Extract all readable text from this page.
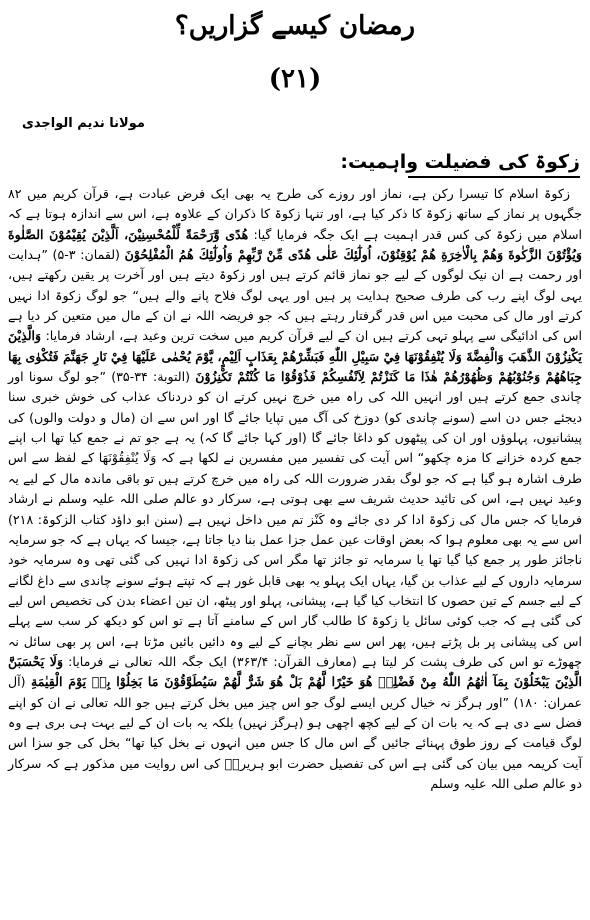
رمضان کیسے گزاریں؟
(۲۱)
مولانا ندیم الواجدی
زکوۃ کی فضیلت واہمیت:

زکوۃ اسلام کا تیسرا رکن ہے، نماز اور روزے کی طرح یہ بھی ایک فرض عبادت ہے، قرآن کریم میں ۸۲ جگہوں پر نماز کے ساتھ زکوۃ کا ذکر کیا ہے، اور تنہا زکوۃ کا ذکران کے علاوہ ہے، اس سے اندازہ ہوتا ہے کہ اسلام میں زکوۃ کی کس قدر اہمیت ہے ایک جگہ فرمایا گیا: هُدًى وَّرَحْمَةً لِّلْمُحْسِنِيْنَ، اَلَّذِيْنَ يُقِيْمُوْنَ الصَّلٰوةَ وَيُؤْتُوْنَ الزَّكٰوةَ وَهُمْ بِالْاٰخِرَةِ هُمْ يُوْقِنُوْنَ، اُولٰٓئِكَ عَلٰى هُدًى مِّنْ رَّبِّهِمْ وَاُولٰٓئِكَ هُمُ الْمُفْلِحُوْنَ (لقمان: ۳-۵) ”ہدایت اور رحمت ہے ان نیک لوگوں کے لیے جو نماز قائم کرتے ہیں اور زکوۃ دیتے ہیں اور آخرت پر یقین رکھتے ہیں، یہی لوگ اپنے رب کی طرف صحیح ہدایت پر ہیں اور یہی لوگ فلاح پانے والے ہیں“ جو لوگ زکوۃ ادا نہیں کرتے اور مال کی محبت میں اس قدر گرفتار رہتے ہیں کہ جو فریضہ اللہ نے ان کے مال میں متعین کر دیا ہے اس کی ادائیگی سے پہلو تہی کرتے ہیں ان کے لیے قرآن کریم میں سخت ترین وعید ہے، ارشاد فرمایا: وَالَّذِيْنَ يَكْنِزُوْنَ الذَّهَبَ وَالْفِضَّةَ وَلَا يُنْفِقُوْنَهَا فِيْ سَبِيْلِ اللّٰهِ فَبَشِّرْهُمْ بِعَذَابٍ اَلِيْمٍ، يَّوْمَ يُحْمٰى عَلَيْهَا فِيْ نَارِ جَهَنَّمَ فَتُكْوٰى بِهَا جِبَاهُهُمْ وَجُنُوْبُهُمْ وَظُهُوْرُهُمْ هٰذَا مَا كَنَزْتُمْ لِاَنْفُسِكُمْ فَذُوْقُوْا مَا كُنْتُمْ تَكْنِزُوْنَ (التوبة: ۳۴-۳۵) ”جو لوگ سونا اور چاندی جمع کرتے ہیں اور انہیں اللہ کی راہ میں خرچ نہیں کرتے ان کو دردناک عذاب کی خوش خبری سنا دیجئے جس دن اسے (سونے چاندی کو) دوزخ کی آگ میں تپایا جائے گا اور اس سے ان (مال و دولت والوں) کی پیشانیوں، پہلوؤں اور ان کی پیٹھوں کو داغا جائے گا (اور کہا جائے گا کہ) یہ ہے جو تم نے جمع کیا تھا اب اپنے جمع کردہ خزانے کا مزہ چکھو“ اس آیت کی تفسیر میں مفسرین نے لکھا ہے کہ وَلَا يُنْفِقُوْنَهَا کے لفظ سے اس طرف اشارہ ہو گیا ہے کہ جو لوگ بقدر ضرورت اللہ کی راہ میں خرچ کرتے ہیں تو باقی ماندہ مال کے لیے یہ وعید نہیں ہے، اس کی تائید حدیث شریف سے بھی ہوتی ہے، سرکار دو عالم صلی اللہ علیہ وسلم نے ارشاد فرمایا کہ جس مال کی زکوۃ ادا کر دی جائے وہ كَنْز تم میں داخل نہیں ہے (سنن ابو داؤد کتاب الزکوۃ: ۲۱۸) اس سے یہ بھی معلوم ہوا کہ بعض اوقات عین عمل جزا عمل بنا دیا جاتا ہے، جیسا کہ یہاں ہے کہ جو سرمایہ ناجائز طور پر جمع کیا گیا تھا یا سرمایہ تو جائز تھا مگر اس کی زکوۃ ادا نہیں کی گئی تھی وہ سرمایہ خود سرمایہ داروں کے لیے عذاب بن گیا، یہاں ایک پہلو یہ بھی قابل غور ہے کہ تپتے ہوئے سونے چاندی سے داغ لگانے کے لیے جسم کے تین حصوں کا انتخاب کیا گیا ہے، پیشانی، پہلو اور پیٹھ، ان تین اعضاء بدن کی تخصیص اس لیے کی گئی ہے کہ جب کوئی سائل یا زکوۃ کا طالب گار اس کے سامنے آتا ہے تو اس کو دیکھ کر سب سے پہلے اس کی پیشانی پر بل پڑتے ہیں، پھر اس سے نظر بچانے کے لیے وہ دائیں بائیں مڑتا ہے، اس پر بھی سائل نہ چھوڑے تو اس کی طرف پشت کر لیتا ہے (معارف القرآن: ۳۶۳/۴) ایک جگہ اللہ تعالی نے فرمایا: وَلَا يَحْسَبَنَّ الَّذِيْنَ يَبْخَلُوْنَ بِمَآ اٰتٰهُمُ اللّٰهُ مِنْ فَضْلِهٖ هُوَ خَيْرًا لَّهُمْ بَلْ هُوَ شَرٌّ لَّهُمْ سَيُطَوَّقُوْنَ مَا بَخِلُوْا بِهٖ يَوْمَ الْقِيٰمَةِ (آل عمران: ۱۸۰) ”اور ہرگز نہ خیال کریں ایسے لوگ جو اس چیز میں بخل کرتے ہیں جو اللہ تعالی نے ان کو اپنے فضل سے دی ہے کہ یہ بات ان کے لیے کچھ اچھی ہو (ہرگز نہیں) بلکہ یہ بات ان کے لیے بہت ہی بری ہے وہ لوگ قیامت کے روز طوق پہنائے جائیں گے اس مال کا جس میں انہوں نے بخل کیا تھا“ بخل کی جو سزا اس آیت کریمہ میں بیان کی گئی ہے اس کی تفصیل حضرت ابو ہریرہؓ کی اس روایت میں مذکور ہے کہ سرکار دو عالم صلی اللہ علیہ وسلم
